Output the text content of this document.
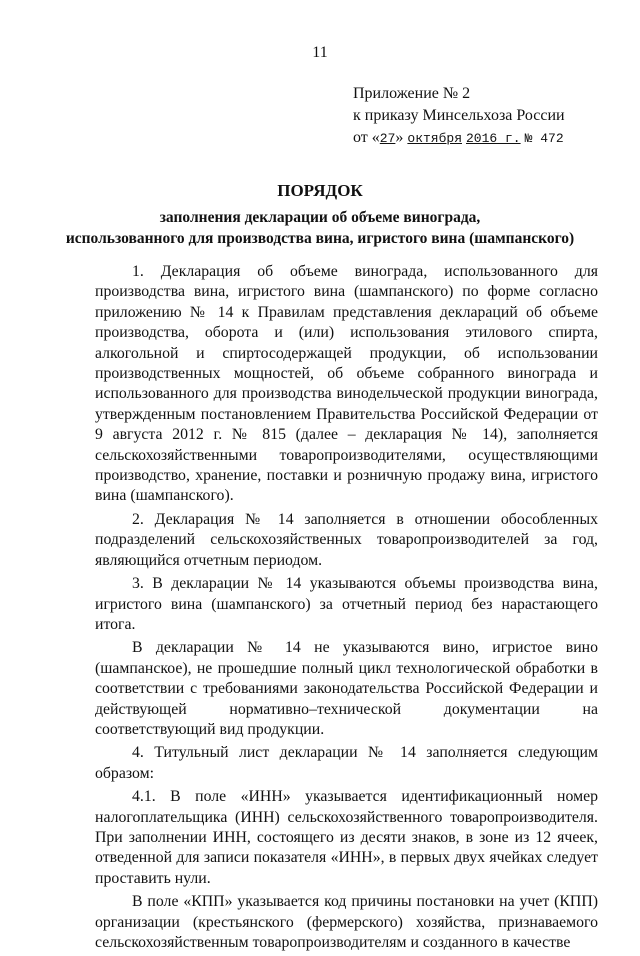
11
Приложение № 2
к приказу Минсельхоза России
от «27» октября 2016 г. № 472
ПОРЯДОК
заполнения декларации об объеме винограда,
использованного для производства вина, игристого вина (шампанского)

1. Декларация об объеме винограда, использованного для производства вина, игристого вина (шампанского) по форме согласно приложению № 14 к Правилам представления деклараций об объеме производства, оборота и (или) использования этилового спирта, алкогольной и спиртосодержащей продукции, об использовании производственных мощностей, об объеме собранного винограда и использованного для производства винодельческой продукции винограда, утвержденным постановлением Правительства Российской Федерации от 9 августа 2012 г. № 815 (далее – декларация № 14), заполняется сельскохозяйственными товаропроизводителями, осуществляющими производство, хранение, поставки и розничную продажу вина, игристого вина (шампанского).

2. Декларация № 14 заполняется в отношении обособленных подразделений сельскохозяйственных товаропроизводителей за год, являющийся отчетным периодом.

3. В декларации № 14 указываются объемы производства вина, игристого вина (шампанского) за отчетный период без нарастающего итога.

В декларации № 14 не указываются вино, игристое вино (шампанское), не прошедшие полный цикл технологической обработки в соответствии с требованиями законодательства Российской Федерации и действующей нормативно–технической документации на соответствующий вид продукции.

4. Титульный лист декларации № 14 заполняется следующим образом:

4.1. В поле «ИНН» указывается идентификационный номер налогоплательщика (ИНН) сельскохозяйственного товаропроизводителя. При заполнении ИНН, состоящего из десяти знаков, в зоне из 12 ячеек, отведенной для записи показателя «ИНН», в первых двух ячейках следует проставить нули.

В поле «КПП» указывается код причины постановки на учет (КПП) организации (крестьянского (фермерского) хозяйства, признаваемого сельскохозяйственным товаропроизводителям и созданного в качестве
